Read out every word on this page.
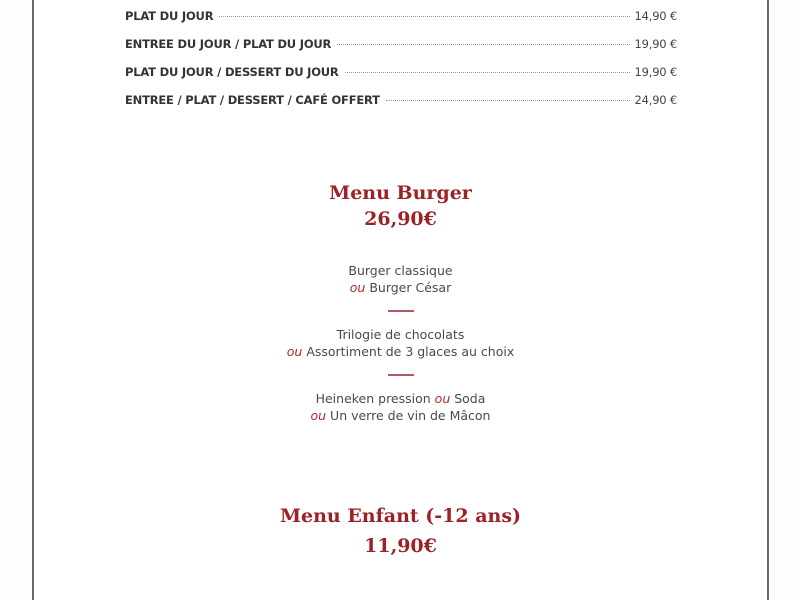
PLAT DU JOUR	14,90 €
ENTREE DU JOUR / PLAT DU JOUR	19,90 €
PLAT DU JOUR / DESSERT DU JOUR	19,90 €
ENTREE / PLAT / DESSERT / CAFÉ OFFERT	24,90 €
Menu Burger
26,90€
Burger classique
ou Burger César
Trilogie de chocolats
ou Assortiment de 3 glaces au choix
Heineken pression ou Soda
ou Un verre de vin de Mâcon
Menu Enfant (-12 ans)
11,90€
